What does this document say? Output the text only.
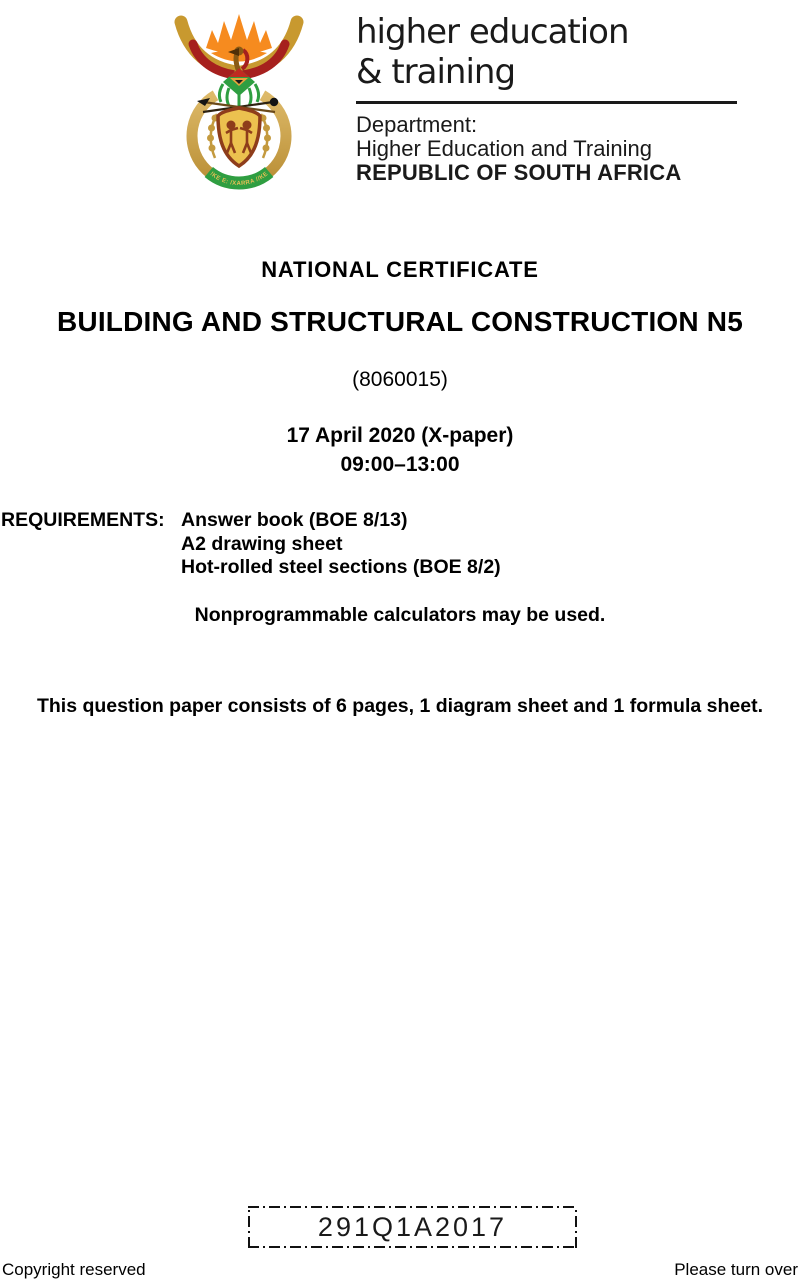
!KE E: /XARRA //KE
higher education
& training
Department:
Higher Education and Training
REPUBLIC OF SOUTH AFRICA
NATIONAL CERTIFICATE
BUILDING AND STRUCTURAL CONSTRUCTION N5
(8060015)
17 April 2020 (X-paper)
09:00–13:00
REQUIREMENTS: Answer book (BOE 8/13)
A2 drawing sheet
Hot-rolled steel sections (BOE 8/2)
Nonprogrammable calculators may be used.
This question paper consists of 6 pages, 1 diagram sheet and 1 formula sheet.
291Q1A2017
Copyright reserved	Please turn over
